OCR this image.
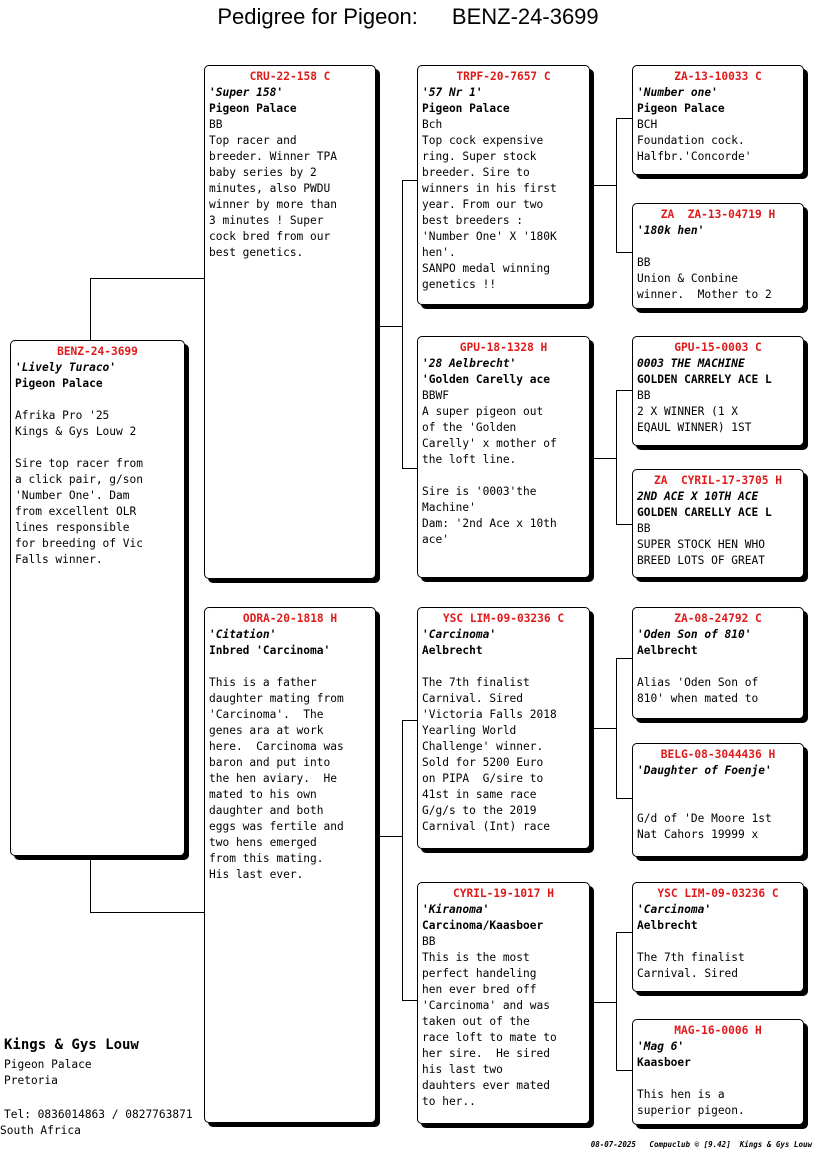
Pedigree for Pigeon: BENZ-24-3699
BENZ-24-3699
'Lively Turaco'
Pigeon Palace

Afrika Pro '25
Kings & Gys Louw 2

Sire top racer from
a click pair, g/son
'Number One'. Dam
from excellent OLR
lines responsible
for breeding of Vic
Falls winner.
CRU-22-158 C
'Super 158'
Pigeon Palace
BB
Top racer and
breeder. Winner TPA
baby series by 2
minutes, also PWDU
winner by more than
3 minutes ! Super
cock bred from our
best genetics.
ODRA-20-1818 H
'Citation'
Inbred 'Carcinoma'

This is a father
daughter mating from
'Carcinoma'.  The
genes ara at work
here.  Carcinoma was
baron and put into
the hen aviary.  He
mated to his own
daughter and both
eggs was fertile and
two hens emerged
from this mating.
His last ever.
TRPF-20-7657 C
'57 Nr 1'
Pigeon Palace
Bch
Top cock expensive
ring. Super stock
breeder. Sire to
winners in his first
year. From our two
best breeders :
'Number One' X '180K
hen'.
SANPO medal winning
genetics !!
GPU-18-1328 H
'28 Aelbrecht'
'Golden Carelly ace
BBWF
A super pigeon out
of the 'Golden
Carelly' x mother of
the loft line.

Sire is '0003'the
Machine'
Dam: '2nd Ace x 10th
ace'
YSC LIM-09-03236 C
'Carcinoma'
Aelbrecht

The 7th finalist
Carnival. Sired
'Victoria Falls 2018
Yearling World
Challenge' winner.
Sold for 5200 Euro
on PIPA  G/sire to
41st in same race
G/g/s to the 2019
Carnival (Int) race
CYRIL-19-1017 H
'Kiranoma'
Carcinoma/Kaasboer
BB
This is the most
perfect handeling
hen ever bred off
'Carcinoma' and was
taken out of the
race loft to mate to
her sire.  He sired
his last two
dauhters ever mated
to her..
ZA-13-10033 C
'Number one'
Pigeon Palace
BCH
Foundation cock.
Halfbr.'Concorde'
ZA  ZA-13-04719 H
'180k hen'
BB
Union & Conbine
winner.  Mother to 2
GPU-15-0003 C
0003 THE MACHINE
GOLDEN CARRELY ACE L
BB
2 X WINNER (1 X
EQAUL WINNER) 1ST
ZA  CYRIL-17-3705 H
2ND ACE X 10TH ACE
GOLDEN CARELLY ACE L
BB
SUPER STOCK HEN WHO
BREED LOTS OF GREAT
ZA-08-24792 C
'Oden Son of 810'
Aelbrecht

Alias 'Oden Son of
810' when mated to
BELG-08-3044436 H
'Daughter of Foenje'

G/d of 'De Moore 1st
Nat Cahors 19999 x
YSC LIM-09-03236 C
'Carcinoma'
Aelbrecht

The 7th finalist
Carnival. Sired
MAG-16-0006 H
'Mag 6'
Kaasboer

This hen is a
superior pigeon.
Kings & Gys Louw
Pigeon Palace
Pretoria
Tel: 0836014863 / 0827763871
South Africa
08-07-2025   Compuclub © [9.42]  Kings & Gys Louw
